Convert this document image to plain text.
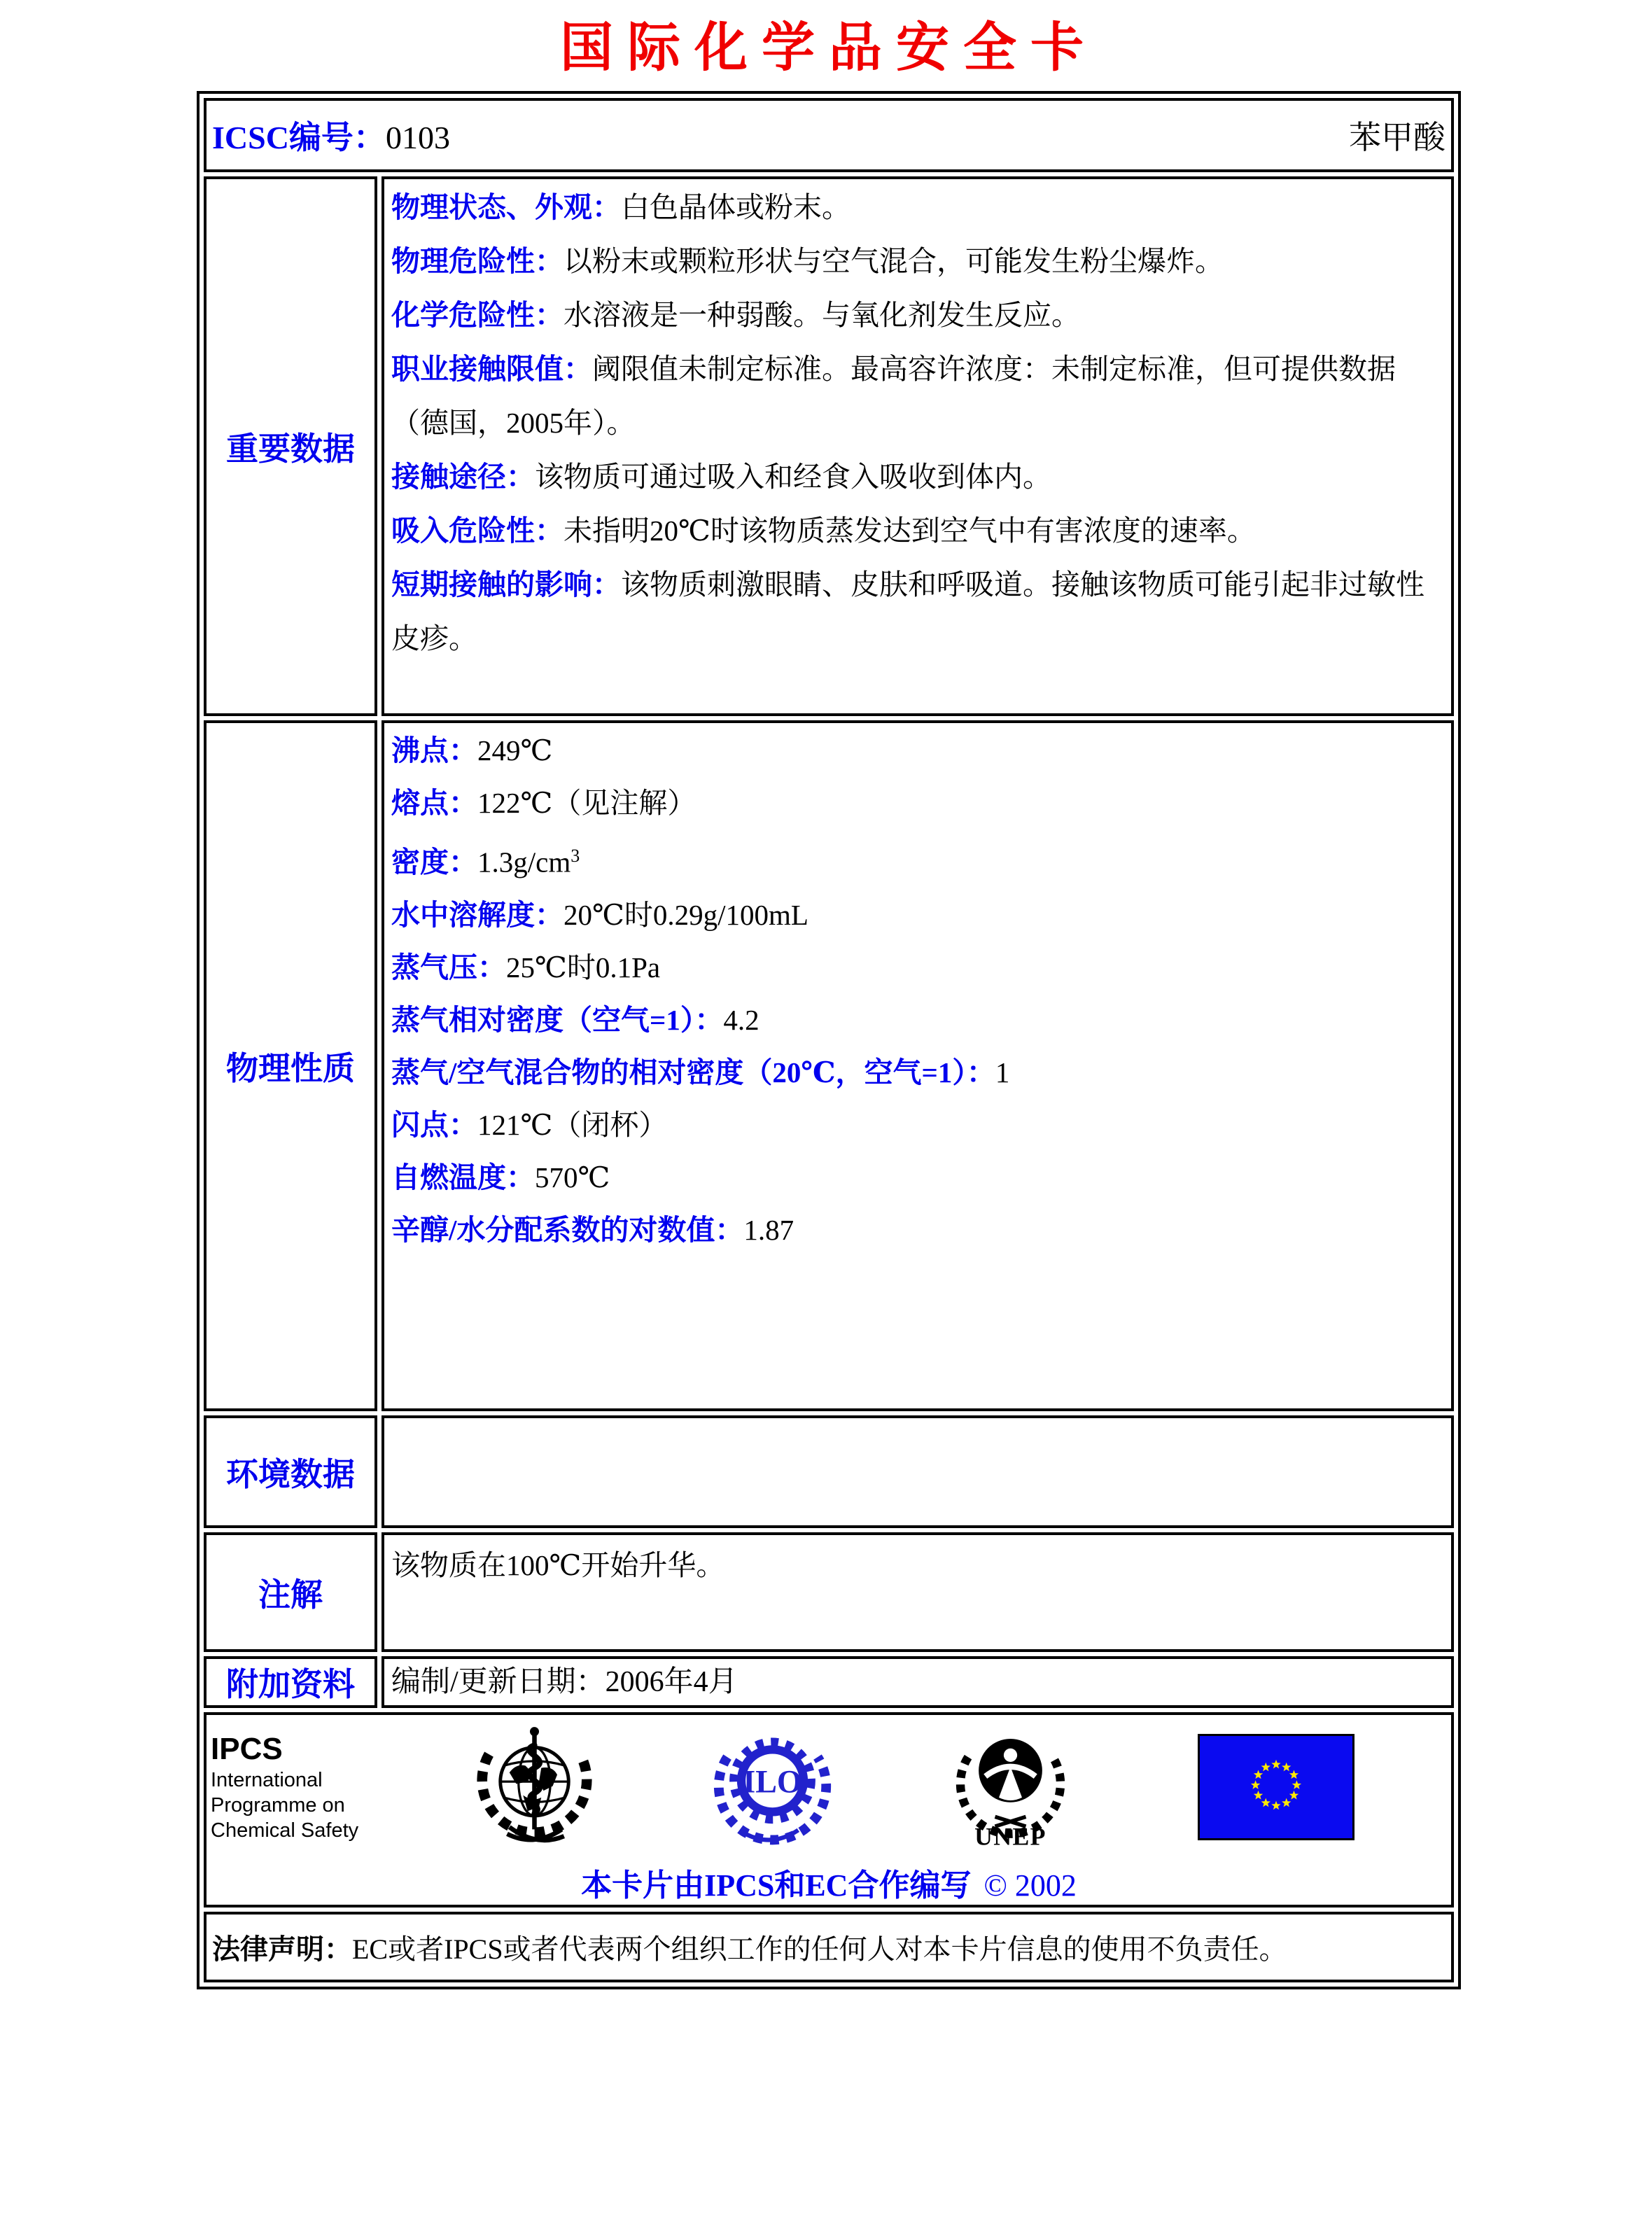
国际化学品安全卡
ICSC编号：0103 苯甲酸	

重要数据	
物理状态、外观：白色晶体或粉末。
物理危险性：以粉末或颗粒形状与空气混合，可能发生粉尘爆炸。
化学危险性：水溶液是一种弱酸。与氧化剂发生反应。
职业接触限值：阈限值未制定标准。最高容许浓度：未制定标准，但可提供数据（德国，2005年）。
接触途径：该物质可通过吸入和经食入吸收到体内。
吸入危险性：未指明20℃时该物质蒸发达到空气中有害浓度的速率。
短期接触的影响：该物质刺激眼睛、皮肤和呼吸道。接触该物质可能引起非过敏性皮疹。

物理性质	
沸点：249℃
熔点：122℃（见注解）
密度：$1.3g/cm^3$
水中溶解度：20℃时0.29g/100mL
蒸气压：25℃时0.1Pa
蒸气相对密度（空气=1）：4.2
蒸气/空气混合物的相对密度（20℃，空气=1）：1
闪点：121℃（闭杯）
自燃温度：570℃
辛醇/水分配系数的对数值：1.87

环境数据	
注解	该物质在100℃开始升华。

附加资料	编制/更新日期：2006年4月

IPCS
International
Programme on
Chemical Safety
ILO
UNEP
本卡片由IPCS和EC合作编写 © 2002

法律声明： EC或者IPCS或者代表两个组织工作的任何人对本卡片信息的使用不负责任。	
